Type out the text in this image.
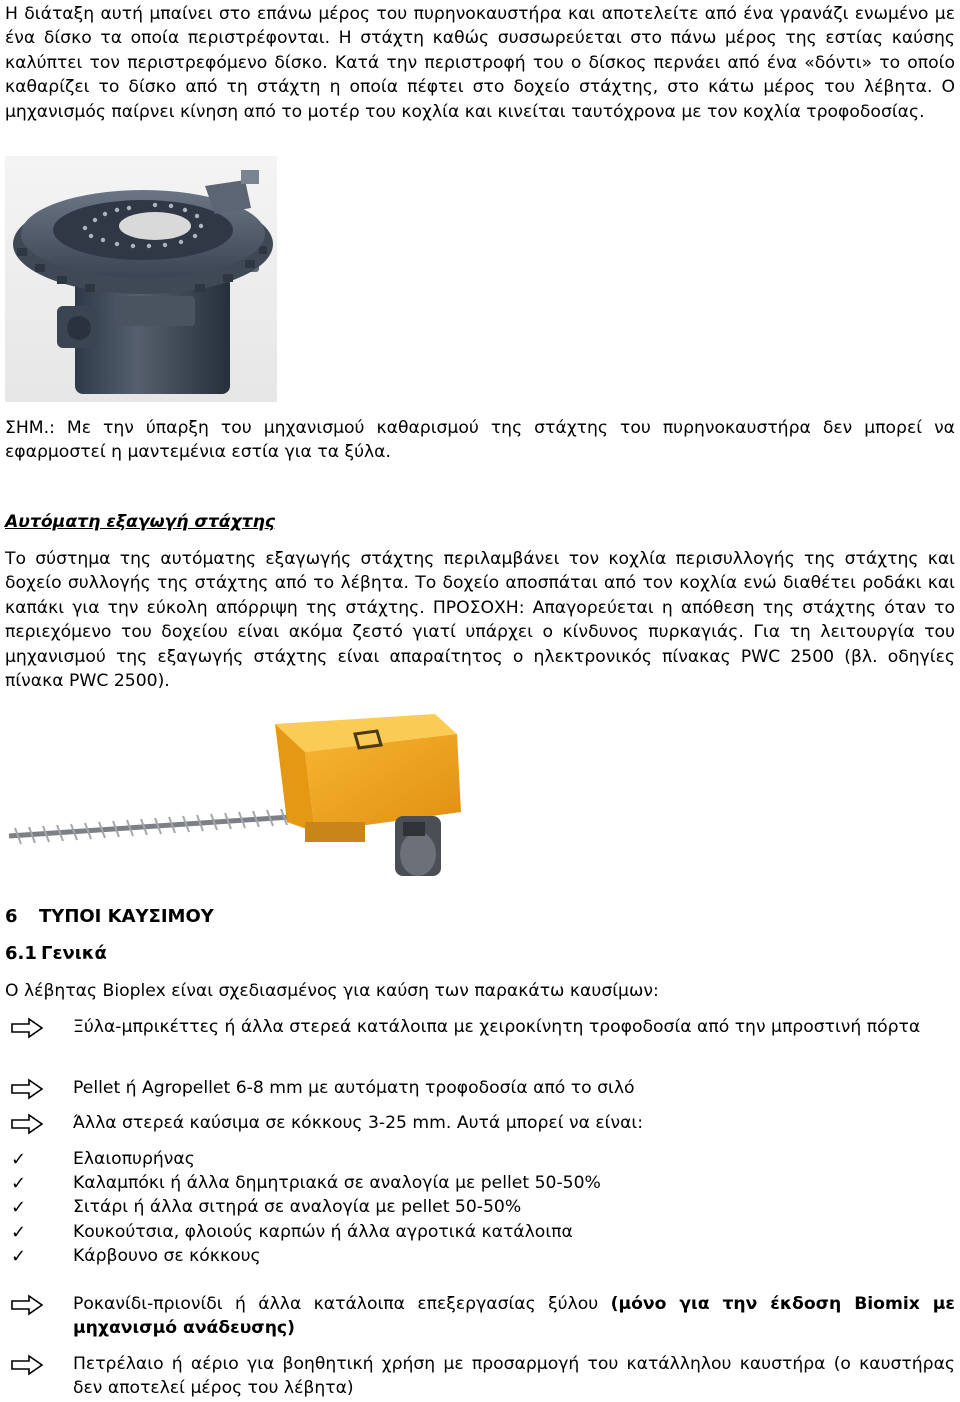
Η διάταξη αυτή μπαίνει στο επάνω μέρος του πυρηνοκαυστήρα και αποτελείτε από ένα γρανάζι ενωμένο με ένα δίσκο τα οποία περιστρέφονται. Η στάχτη καθώς συσσωρεύεται στο πάνω μέρος της εστίας καύσης καλύπτει τον περιστρεφόμενο δίσκο. Κατά την περιστροφή του ο δίσκος περνάει από ένα «δόντι» το οποίο καθαρίζει το δίσκο από τη στάχτη η οποία πέφτει στο δοχείο στάχτης, στο κάτω μέρος του λέβητα. Ο μηχανισμός παίρνει κίνηση από το μοτέρ του κοχλία και κινείται ταυτόχρονα με τον κοχλία τροφοδοσίας.

ΣΗΜ.: Με την ύπαρξη του μηχανισμού καθαρισμού της στάχτης του πυρηνοκαυστήρα δεν μπορεί να εφαρμοστεί η μαντεμένια εστία για τα ξύλα.

Αυτόματη εξαγωγή στάχτης

Το σύστημα της αυτόματης εξαγωγής στάχτης περιλαμβάνει τον κοχλία περισυλλογής της στάχτης και δοχείο συλλογής της στάχτης από το λέβητα. Το δοχείο αποσπάται από τον κοχλία ενώ διαθέτει ροδάκι και καπάκι για την εύκολη απόρριψη της στάχτης. ΠΡΟΣΟΧΗ: Απαγορεύεται η απόθεση της στάχτης όταν το περιεχόμενο του δοχείου είναι ακόμα ζεστό γιατί υπάρχει ο κίνδυνος πυρκαγιάς. Για τη λειτουργία του μηχανισμού της εξαγωγής στάχτης είναι απαραίτητος ο ηλεκτρονικός πίνακας PWC 2500 (βλ. οδηγίες πίνακα PWC 2500).

6 ΤΥΠΟΙ ΚΑΥΣΙΜΟΥ
6.1 Γενικά

Ο λέβητας Bioplex είναι σχεδιασμένος για καύση των παρακάτω καυσίμων:

Ξύλα-μπρικέττες ή άλλα στερεά κατάλοιπα με χειροκίνητη τροφοδοσία από την μπροστινή πόρτα
Pellet ή Agropellet 6-8 mm με αυτόματη τροφοδοσία από το σιλό
Άλλα στερεά καύσιμα σε κόκκους 3-25 mm. Αυτά μπορεί να είναι:
✓	Ελαιοπυρήνας
✓	Καλαμπόκι ή άλλα δημητριακά σε αναλογία με pellet 50-50%
✓	Σιτάρι ή άλλα σιτηρά σε αναλογία με pellet 50-50%
✓	Κουκούτσια, φλοιούς καρπών ή άλλα αγροτικά κατάλοιπα
✓	Κάρβουνο σε κόκκους
Ροκανίδι-πριονίδι ή άλλα κατάλοιπα επεξεργασίας ξύλου (μόνο για την έκδοση Biomix με μηχανισμό ανάδευσης)
Πετρέλαιο ή αέριο για βοηθητική χρήση με προσαρμογή του κατάλληλου καυστήρα (ο καυστήρας δεν αποτελεί μέρος του λέβητα)
